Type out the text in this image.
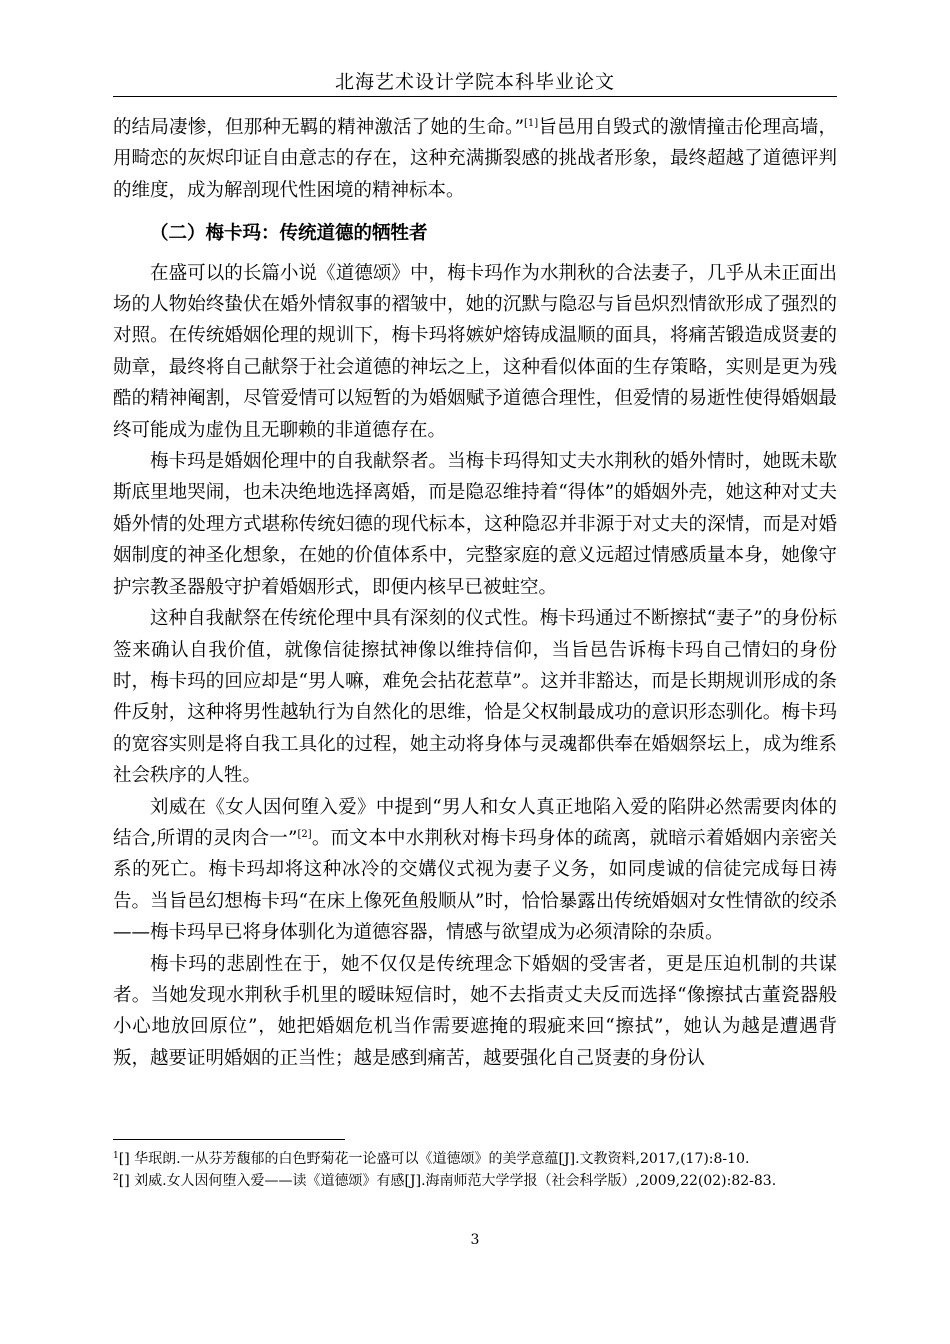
北海艺术设计学院本科毕业论文

的结局凄惨，但那种无羁的精神激活了她的生命。”[1]旨邑用自毁式的激情撞击伦理高墙，用畸恋的灰烬印证自由意志的存在，这种充满撕裂感的挑战者形象，最终超越了道德评判的维度，成为解剖现代性困境的精神标本。

（二）梅卡玛：传统道德的牺牲者

在盛可以的长篇小说《道德颂》中，梅卡玛作为水荆秋的合法妻子，几乎从未正面出场的人物始终蛰伏在婚外情叙事的褶皱中，她的沉默与隐忍与旨邑炽烈情欲形成了强烈的对照。在传统婚姻伦理的规训下，梅卡玛将嫉妒熔铸成温顺的面具，将痛苦锻造成贤妻的勋章，最终将自己献祭于社会道德的神坛之上，这种看似体面的生存策略，实则是更为残酷的精神阉割，尽管爱情可以短暂的为婚姻赋予道德合理性，但爱情的易逝性使得婚姻最终可能成为虚伪且无聊赖的非道德存在。

梅卡玛是婚姻伦理中的自我献祭者。当梅卡玛得知丈夫水荆秋的婚外情时，她既未歇斯底里地哭闹，也未决绝地选择离婚，而是隐忍维持着“得体”的婚姻外壳，她这种对丈夫婚外情的处理方式堪称传统妇德的现代标本，这种隐忍并非源于对丈夫的深情，而是对婚姻制度的神圣化想象，在她的价值体系中，完整家庭的意义远超过情感质量本身，她像守护宗教圣器般守护着婚姻形式，即便内核早已被蛀空。

这种自我献祭在传统伦理中具有深刻的仪式性。梅卡玛通过不断擦拭“妻子”的身份标签来确认自我价值，就像信徒擦拭神像以维持信仰，当旨邑告诉梅卡玛自己情妇的身份时，梅卡玛的回应却是“男人嘛，难免会拈花惹草”。这并非豁达，而是长期规训形成的条件反射，这种将男性越轨行为自然化的思维，恰是父权制最成功的意识形态驯化。梅卡玛的宽容实则是将自我工具化的过程，她主动将身体与灵魂都供奉在婚姻祭坛上，成为维系社会秩序的人牲。

刘威在《女人因何堕入爱》中提到“男人和女人真正地陷入爱的陷阱必然需要肉体的结合,所谓的灵肉合一”[2]。而文本中水荆秋对梅卡玛身体的疏离，就暗示着婚姻内亲密关系的死亡。梅卡玛却将这种冰冷的交媾仪式视为妻子义务，如同虔诚的信徒完成每日祷告。当旨邑幻想梅卡玛“在床上像死鱼般顺从”时，恰恰暴露出传统婚姻对女性情欲的绞杀——梅卡玛早已将身体驯化为道德容器，情感与欲望成为必须清除的杂质。

梅卡玛的悲剧性在于，她不仅仅是传统理念下婚姻的受害者，更是压迫机制的共谋者。当她发现水荆秋手机里的暧昧短信时，她不去指责丈夫反而选择“像擦拭古董瓷器般小心地放回原位”，她把婚姻危机当作需要遮掩的瑕疵来回“擦拭”，她认为越是遭遇背叛，越要证明婚姻的正当性；越是感到痛苦，越要强化自己贤妻的身份认

$^1$[] 华珉朗.一从芬芳馥郁的白色野菊花一论盛可以《道德颂》的美学意蕴[J].文教资料,2017,(17):8-10.
$^2$[] 刘威.女人因何堕入爱——读《道德颂》有感[J].海南师范大学学报（社会科学版）,2009,22(02):82-83.
3
